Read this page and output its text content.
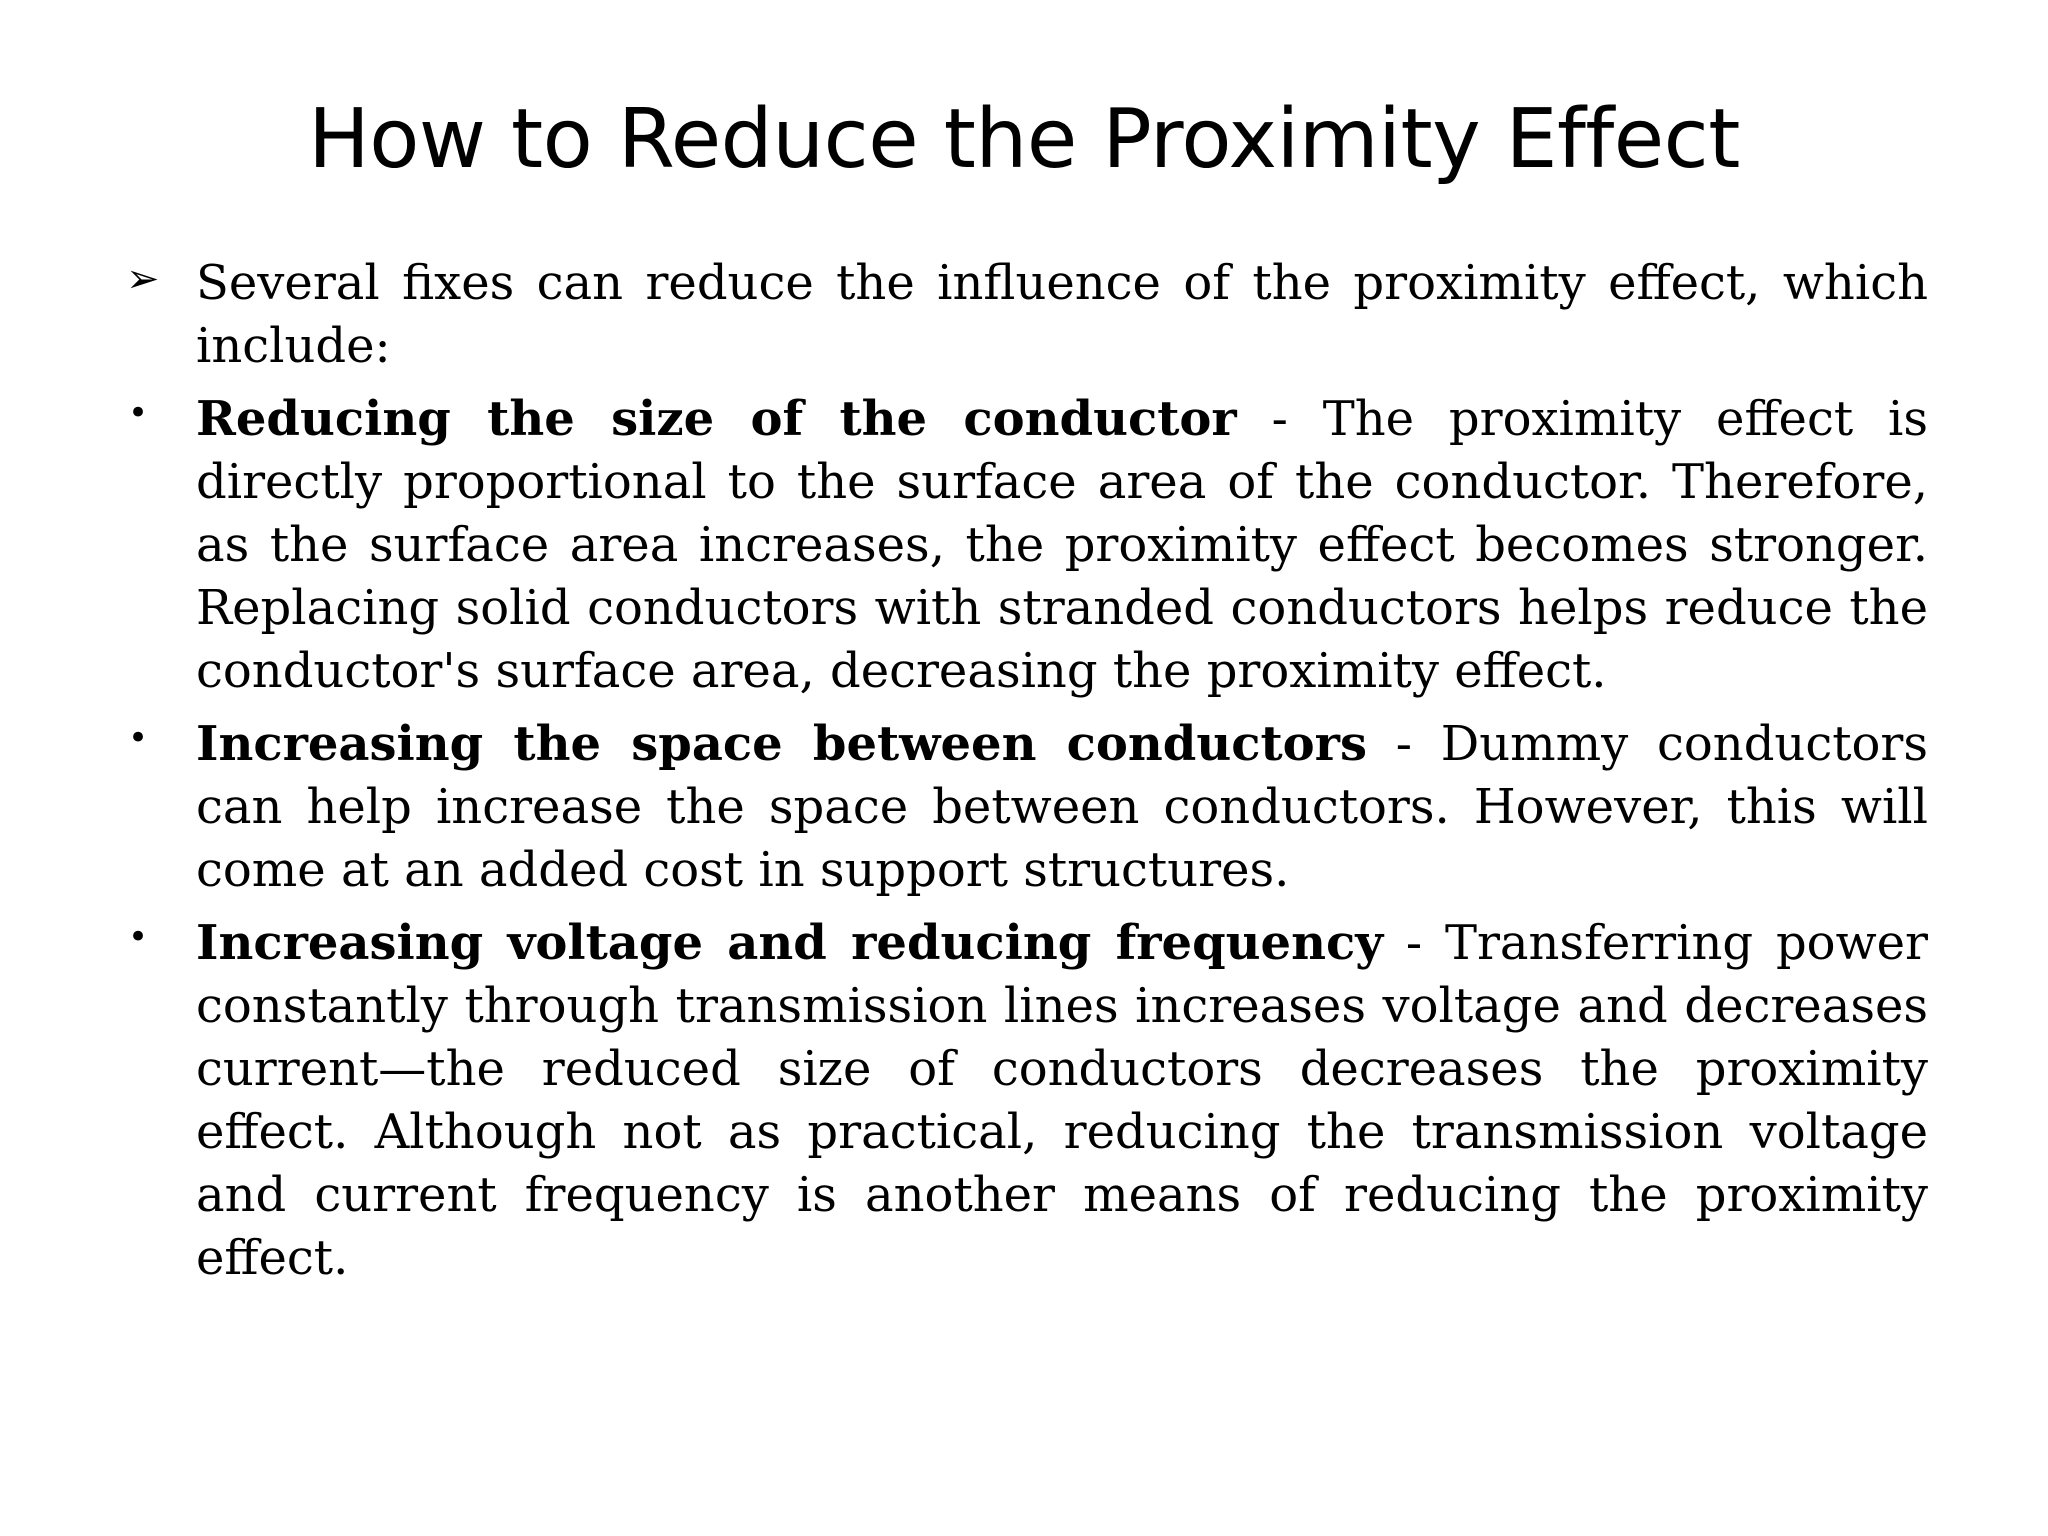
How to Reduce the Proximity Effect
➢ Several fixes can reduce the influence of the proximity effect, which include:
• Reducing the size of the conductor - The proximity effect is directly proportional to the surface area of the conductor. Therefore, as the surface area increases, the proximity effect becomes stronger. Replacing solid conductors with stranded conductors helps reduce the conductor's surface area, decreasing the proximity effect.
• Increasing the space between conductors - Dummy conductors can help increase the space between conductors. However, this will come at an added cost in support structures.
• Increasing voltage and reducing frequency - Transferring power constantly through transmission lines increases voltage and decreases current—the reduced size of conductors decreases the proximity effect. Although not as practical, reducing the transmission voltage and current frequency is another means of reducing the proximity effect.
